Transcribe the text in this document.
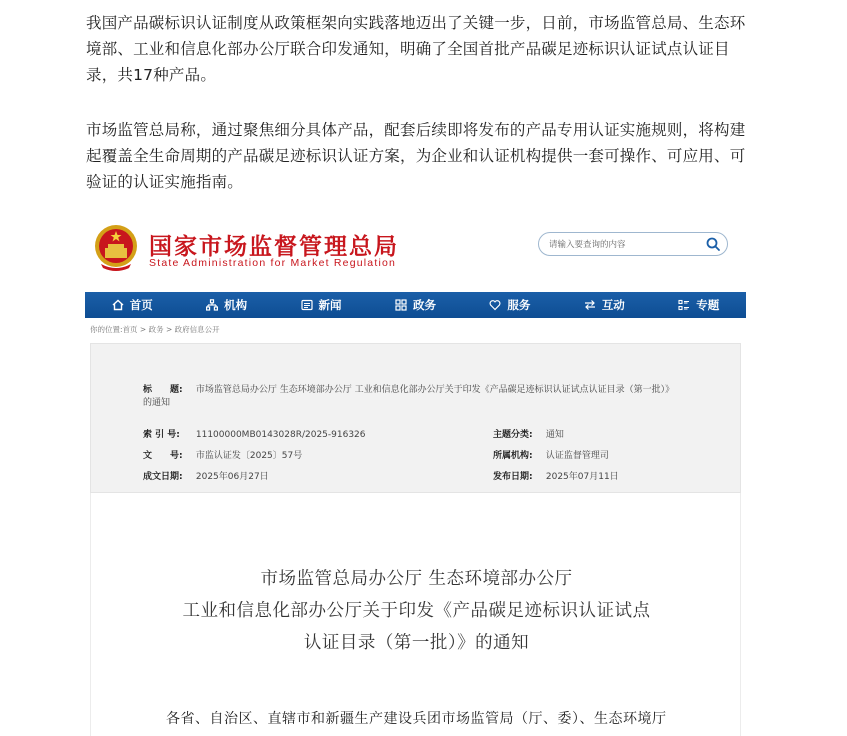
我国产品碳标识认证制度从政策框架向实践落地迈出了关键一步，日前，市场监管总局、生态环境部、工业和信息化部办公厅联合印发通知，明确了全国首批产品碳足迹标识认证试点认证目录，共17种产品。
市场监管总局称，通过聚焦细分具体产品，配套后续即将发布的产品专用认证实施规则，将构建起覆盖全生命周期的产品碳足迹标识认证方案，为企业和认证机构提供一套可操作、可应用、可验证的认证实施指南。
国家市场监督管理总局
State Administration for Market Regulation
请输入要查询的内容
首页	机构	新闻	政务	服务	互动	专题
你的位置:首页 > 政务 > 政府信息公开
标　　题: 市场监管总局办公厅 生态环境部办公厅 工业和信息化部办公厅关于印发《产品碳足迹标识认证试点认证目录（第一批）》的通知
索 引 号: 11100000MB0143028R/2025-916326	主题分类: 通知
文　　号: 市监认证发〔2025〕57号	所属机构: 认证监督管理司
成文日期: 2025年06月27日	发布日期: 2025年07月11日
市场监管总局办公厅 生态环境部办公厅
工业和信息化部办公厅关于印发《产品碳足迹标识认证试点
认证目录（第一批）》的通知
各省、自治区、直辖市和新疆生产建设兵团市场监管局（厅、委）、生态环境厅
